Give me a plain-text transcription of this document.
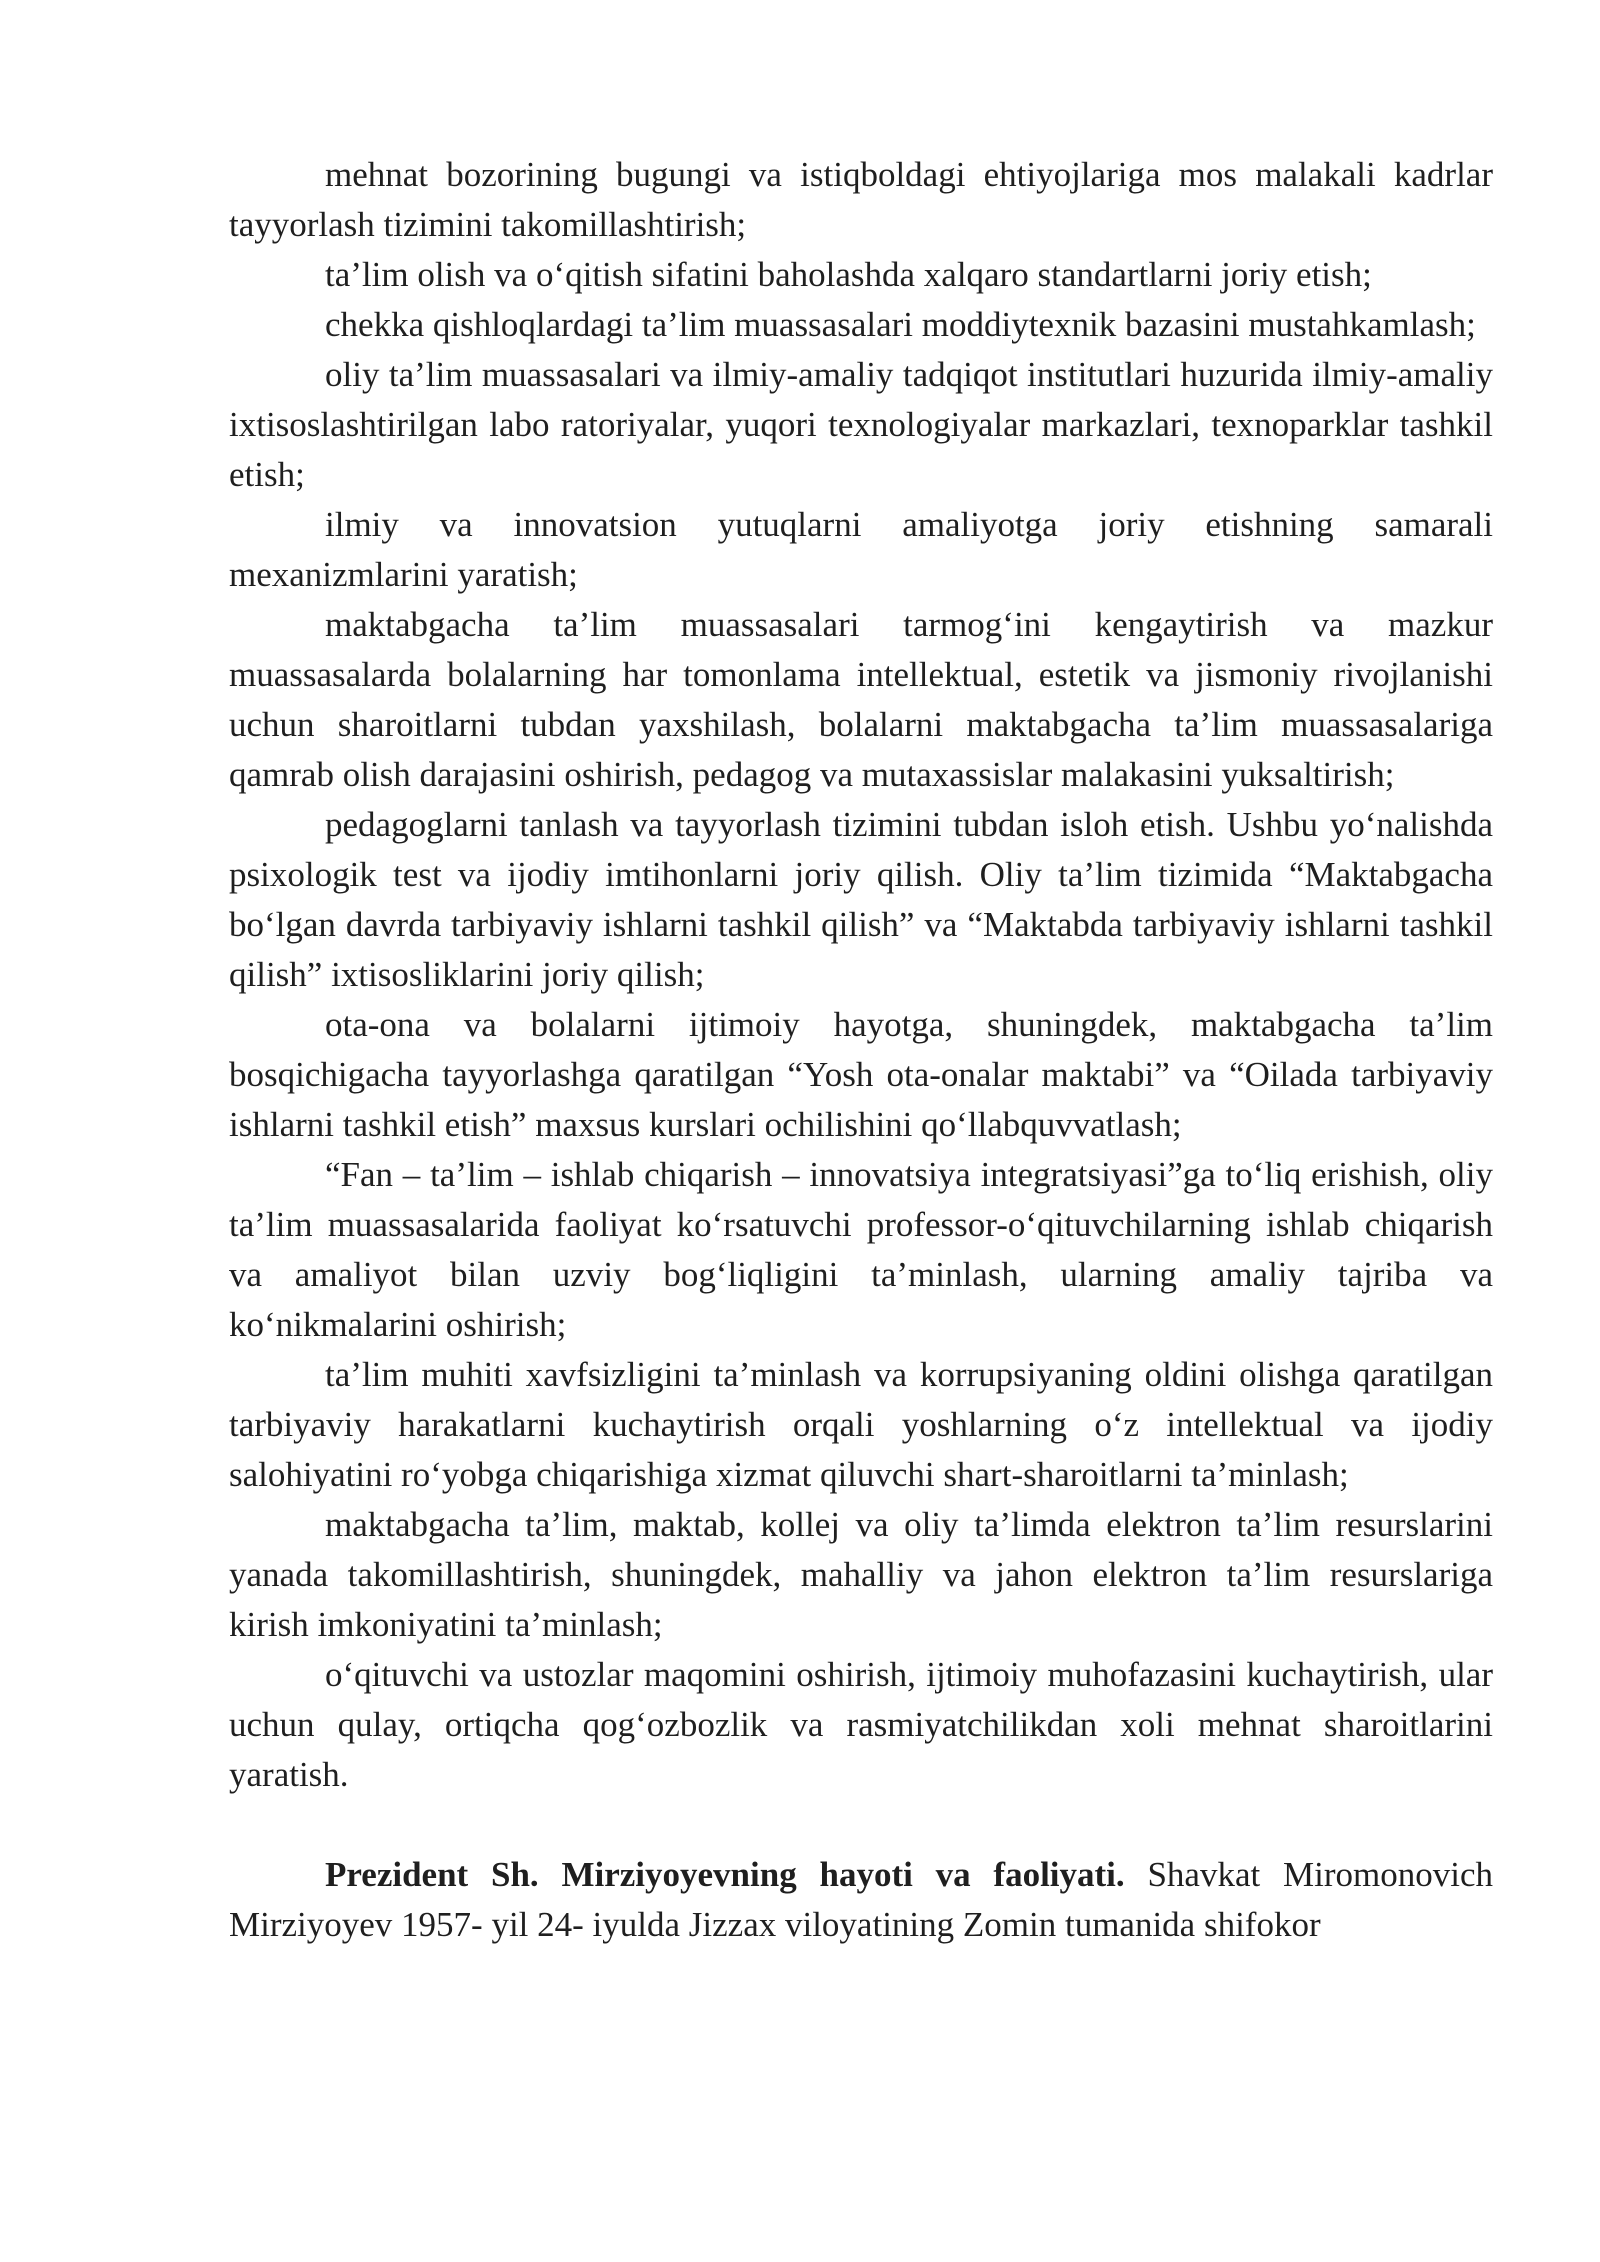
mehnat bozorining bugungi va istiqboldagi ehtiyojlariga mos malakali kadrlar tayyorlash tizimini takomillashtirish;

ta’lim olish va o‘qitish sifatini baholashda xalqaro standartlarni joriy etish;

chekka qishloqlardagi ta’lim muassasalari moddiytexnik bazasini mustahkamlash;

oliy ta’lim muassasalari va ilmiy-amaliy tadqiqot institutlari huzurida ilmiy-amaliy ixtisoslashtirilgan labo ratoriyalar, yuqori texnologiyalar markazlari, texnoparklar tashkil etish;

ilmiy va innovatsion yutuqlarni amaliyotga joriy etishning samarali mexanizmlarini yaratish;

maktabgacha ta’lim muassasalari tarmog‘ini kengaytirish va mazkur muassasalarda bolalarning har tomonlama intellektual, estetik va jismoniy rivojlanishi uchun sharoitlarni tubdan yaxshilash, bolalarni maktabgacha ta’lim muassasalariga qamrab olish darajasini oshirish, pedagog va mutaxassislar malakasini yuksaltirish;

pedagoglarni tanlash va tayyorlash tizimini tubdan isloh etish. Ushbu yo‘nalishda psixologik test va ijodiy imtihonlarni joriy qilish. Oliy ta’lim tizimida “Maktabgacha bo‘lgan davrda tarbiyaviy ishlarni tashkil qilish” va “Maktabda tarbiyaviy ishlarni tashkil qilish” ixtisosliklarini joriy qilish;

ota-ona va bolalarni ijtimoiy hayotga, shuningdek, maktabgacha ta’lim bosqichigacha tayyorlashga qaratilgan “Yosh ota-onalar maktabi” va “Oilada tarbiyaviy ishlarni tashkil etish” maxsus kurslari ochilishini qo‘llabquvvatlash;

“Fan – ta’lim – ishlab chiqarish – innovatsiya integratsiyasi”ga to‘liq erishish, oliy ta’lim muassasalarida faoliyat ko‘rsatuvchi professor-o‘qituvchilarning ishlab chiqarish va amaliyot bilan uzviy bog‘liqligini ta’minlash, ularning amaliy tajriba va ko‘nikmalarini oshirish;

ta’lim muhiti xavfsizligini ta’minlash va korrupsiyaning oldini olishga qaratilgan tarbiyaviy harakatlarni kuchaytirish orqali yoshlarning o‘z intellektual va ijodiy salohiyatini ro‘yobga chiqarishiga xizmat qiluvchi shart-sharoitlarni ta’minlash;

maktabgacha ta’lim, maktab, kollej va oliy ta’limda elektron ta’lim resurslarini yanada takomillashtirish, shuningdek, mahalliy va jahon elektron ta’lim resurslariga kirish imkoniyatini ta’minlash;

o‘qituvchi va ustozlar maqomini oshirish, ijtimoiy muhofazasini kuchaytirish, ular uchun qulay, ortiqcha qog‘ozbozlik va rasmiyatchilikdan xoli mehnat sharoitlarini yaratish.

Prezident Sh. Mirziyoyevning hayoti va faoliyati. Shavkat Miromonovich Mirziyoyev 1957- yil 24- iyulda Jizzax viloyatining Zomin tumanida shifokor
